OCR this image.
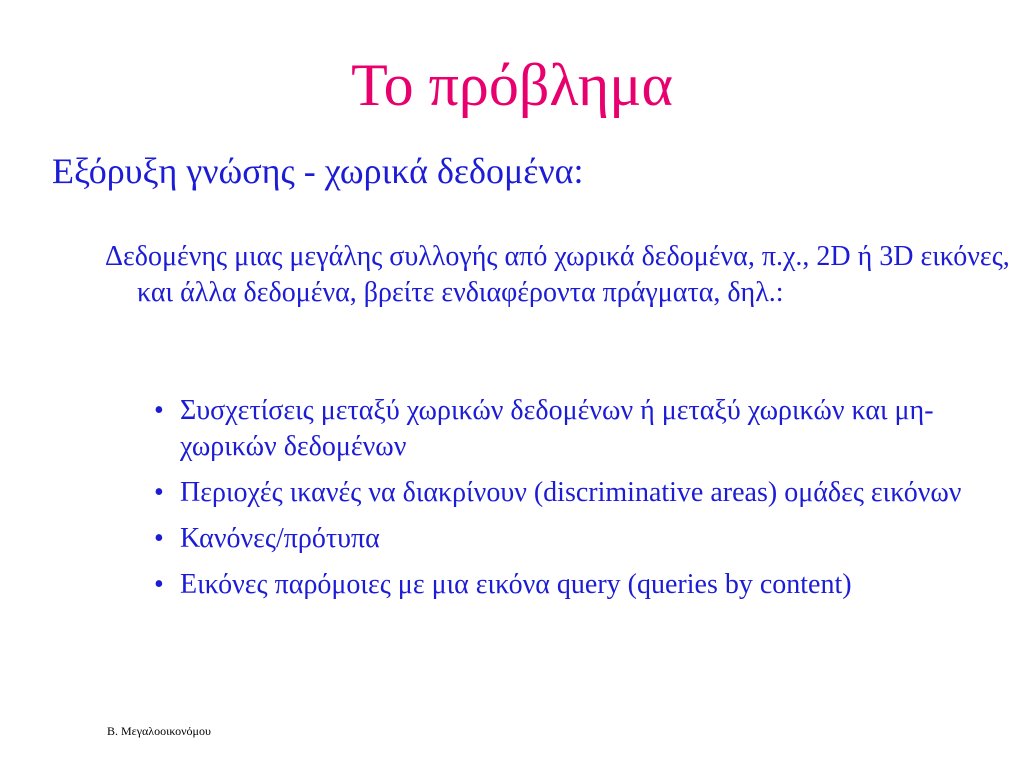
Το πρόβλημα

Εξόρυξη γνώσης - χωρικά δεδομένα:

Δεδομένης μιας μεγάλης συλλογής από χωρικά δεδομένα, π.χ., 2D ή 3D εικόνες, και άλλα δεδομένα, βρείτε ενδιαφέροντα πράγματα, δηλ.:

• Συσχετίσεις μεταξύ χωρικών δεδομένων ή μεταξύ χωρικών και μη-χωρικών δεδομένων
• Περιοχές ικανές να διακρίνουν (discriminative areas) ομάδες εικόνων
• Κανόνες/πρότυπα
• Εικόνες παρόμοιες με μια εικόνα query (queries by content)

Β. Μεγαλοοικονόμου
